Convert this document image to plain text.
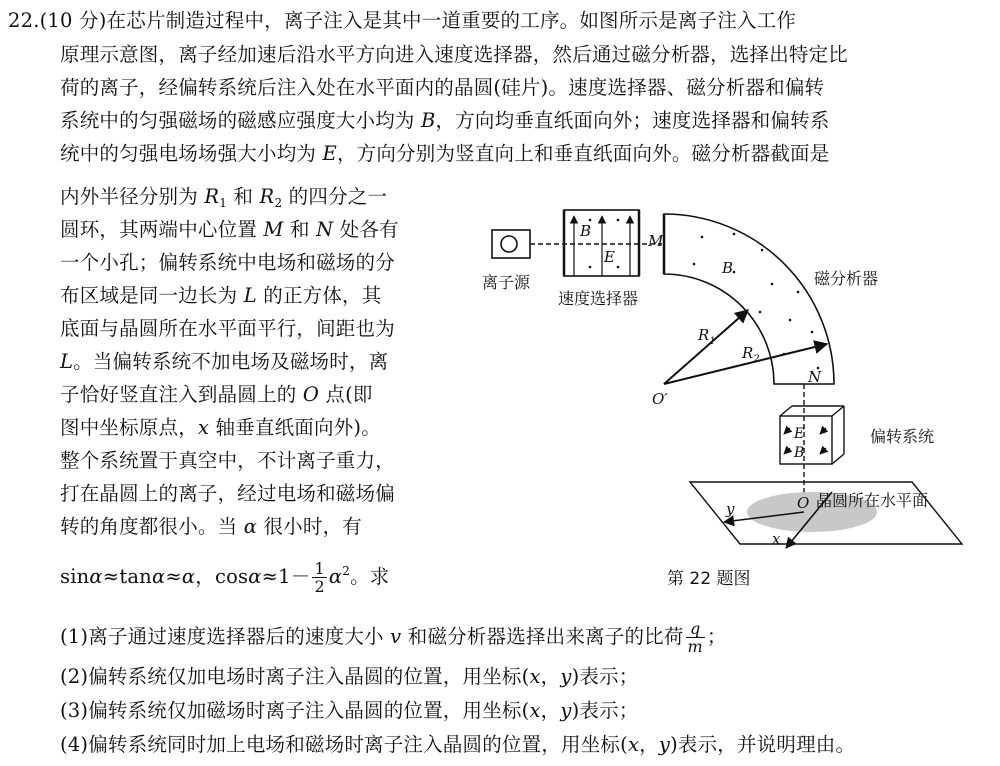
22.(10 分)在芯片制造过程中，离子注入是其中一道重要的工序。如图所示是离子注入工作
原理示意图，离子经加速后沿水平方向进入速度选择器，然后通过磁分析器，选择出特定比
荷的离子，经偏转系统后注入处在水平面内的晶圆(硅片)。速度选择器、磁分析器和偏转
系统中的匀强磁场的磁感应强度大小均为 B，方向均垂直纸面向外；速度选择器和偏转系
统中的匀强电场场强大小均为 E，方向分别为竖直向上和垂直纸面向外。磁分析器截面是
内外半径分别为 $R_1$ 和 $R_2$ 的四分之一
圆环，其两端中心位置 M 和 N 处各有
一个小孔；偏转系统中电场和磁场的分
布区域是同一边长为 L 的正方体，其
底面与晶圆所在水平面平行，间距也为
L。当偏转系统不加电场及磁场时，离
子恰好竖直注入到晶圆上的 O 点(即
图中坐标原点，x 轴垂直纸面向外)。
整个系统置于真空中，不计离子重力，
打在晶圆上的离子，经过电场和磁场偏
转的角度都很小。当 α 很小时，有
sinα≈tanα≈α，$\cos\alpha\approx 1- \frac{1}{2} \alpha^2$。求
(1)离子通过速度选择器后的速度大小 v 和磁分析器选择出来离子的比荷 $\frac{q}{m}$ ；
(2)偏转系统仅加电场时离子注入晶圆的位置，用坐标(x，y)表示；
(3)偏转系统仅加磁场时离子注入晶圆的位置，用坐标(x，y)表示；
(4)偏转系统同时加上电场和磁场时离子注入晶圆的位置，用坐标(x，y)表示，并说明理由。
离子源
B
E
速度选择器
M
B
磁分析器
N
$R_1$
$R_2$
O′
E
B
偏转系统
y
x
O 晶圆所在水平面
第 22 题图
